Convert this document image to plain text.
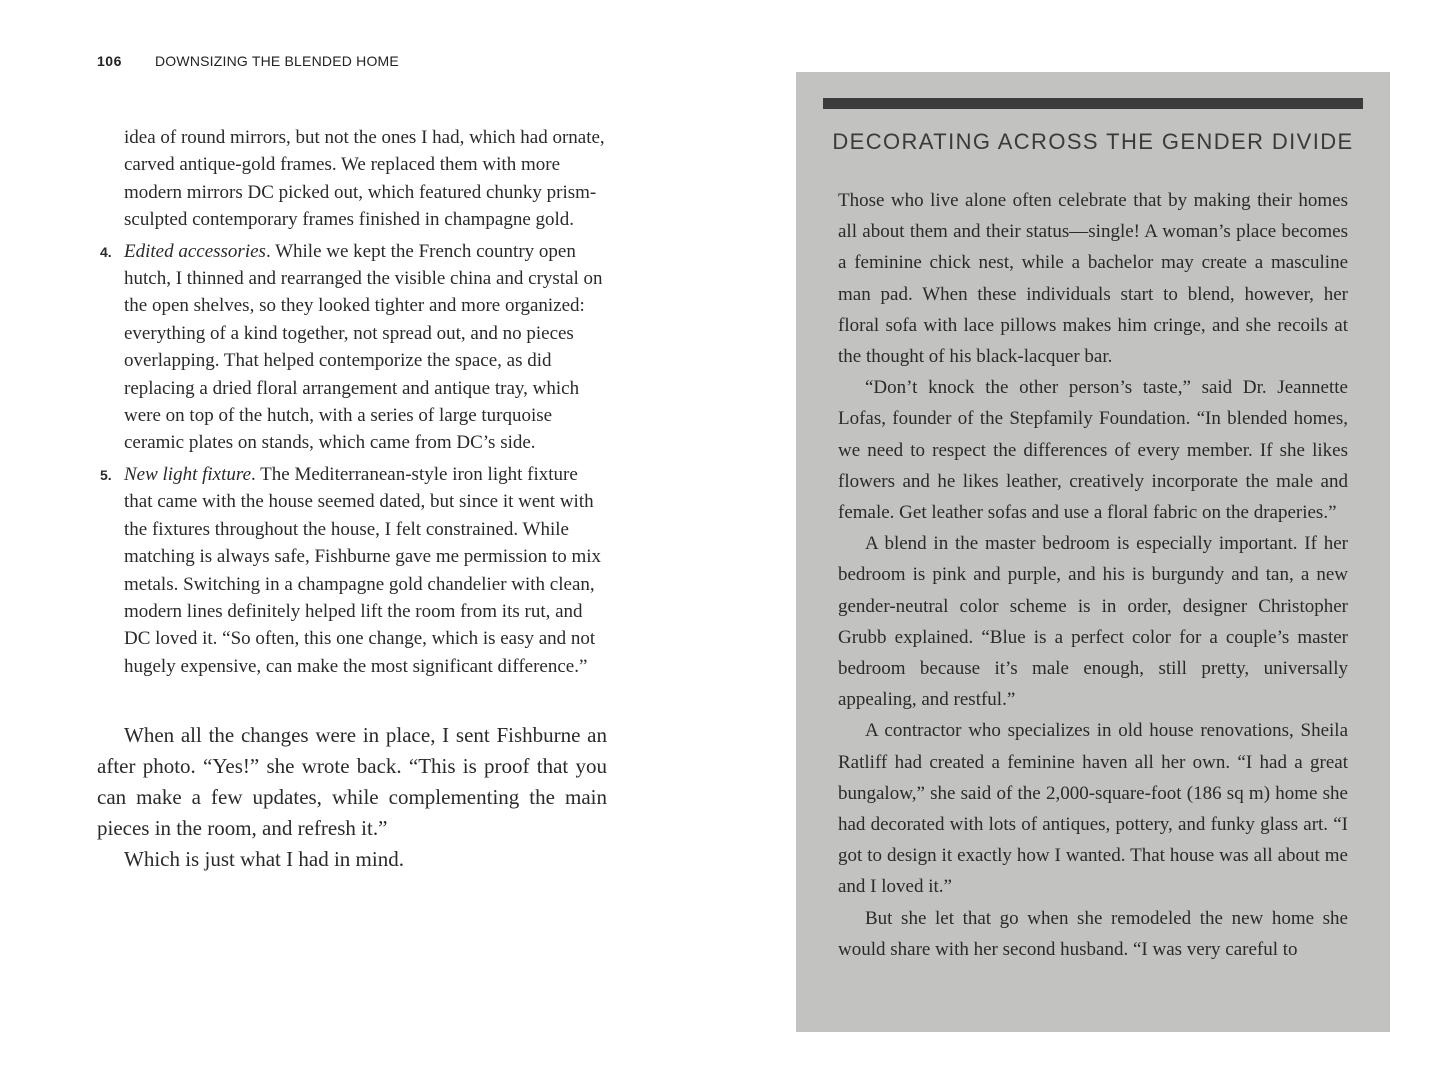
106	DOWNSIZING THE BLENDED HOME

idea of round mirrors, but not the ones I had, which had ornate, carved antique-gold frames. We replaced them with more modern mirrors DC picked out, which featured chunky prism-sculpted contemporary frames finished in champagne gold.

4. Edited accessories. While we kept the French country open hutch, I thinned and rearranged the visible china and crystal on the open shelves, so they looked tighter and more organized: everything of a kind together, not spread out, and no pieces overlapping. That helped contemporize the space, as did replacing a dried floral arrangement and antique tray, which were on top of the hutch, with a series of large turquoise ceramic plates on stands, which came from DC’s side.

5. New light fixture. The Mediterranean-style iron light fixture that came with the house seemed dated, but since it went with the fixtures throughout the house, I felt constrained. While matching is always safe, Fishburne gave me permission to mix metals. Switching in a champagne gold chandelier with clean, modern lines definitely helped lift the room from its rut, and DC loved it. “So often, this one change, which is easy and not hugely expensive, can make the most significant difference.”

When all the changes were in place, I sent Fishburne an after photo. “Yes!” she wrote back. “This is proof that you can make a few updates, while complementing the main pieces in the room, and refresh it.”

Which is just what I had in mind.

DECORATING ACROSS THE GENDER DIVIDE

Those who live alone often celebrate that by making their homes all about them and their status—single! A woman’s place becomes a feminine chick nest, while a bachelor may create a masculine man pad. When these individuals start to blend, however, her floral sofa with lace pillows makes him cringe, and she recoils at the thought of his black-lacquer bar.

“Don’t knock the other person’s taste,” said Dr. Jeannette Lofas, founder of the Stepfamily Foundation. “In blended homes, we need to respect the differences of every member. If she likes flowers and he likes leather, creatively incorporate the male and female. Get leather sofas and use a floral fabric on the draperies.”

A blend in the master bedroom is especially important. If her bedroom is pink and purple, and his is burgundy and tan, a new gender-neutral color scheme is in order, designer Christopher Grubb explained. “Blue is a perfect color for a couple’s master bedroom because it’s male enough, still pretty, universally appealing, and restful.”

A contractor who specializes in old house renovations, Sheila Ratliff had created a feminine haven all her own. “I had a great bungalow,” she said of the 2,000-square-foot (186 sq m) home she had decorated with lots of antiques, pottery, and funky glass art. “I got to design it exactly how I wanted. That house was all about me and I loved it.”

But she let that go when she remodeled the new home she would share with her second husband. “I was very careful to
